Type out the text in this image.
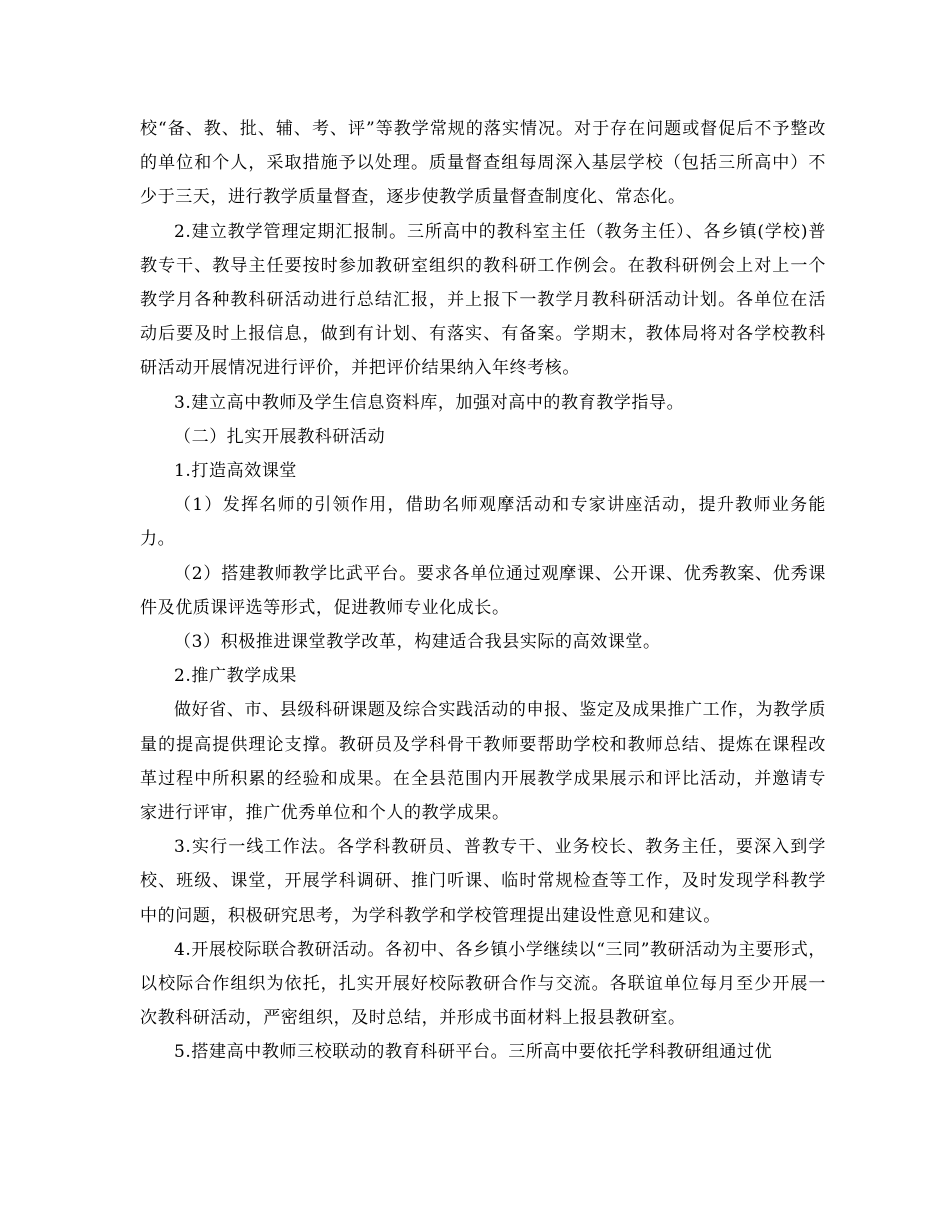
校“备、教、批、辅、考、评”等教学常规的落实情况。对于存在问题或督促后不予整改的单位和个人，采取措施予以处理。质量督查组每周深入基层学校（包括三所高中）不少于三天，进行教学质量督查，逐步使教学质量督查制度化、常态化。

2.建立教学管理定期汇报制。三所高中的教科室主任（教务主任）、各乡镇(学校)普教专干、教导主任要按时参加教研室组织的教科研工作例会。在教科研例会上对上一个教学月各种教科研活动进行总结汇报，并上报下一教学月教科研活动计划。各单位在活动后要及时上报信息，做到有计划、有落实、有备案。学期末，教体局将对各学校教科研活动开展情况进行评价，并把评价结果纳入年终考核。

3.建立高中教师及学生信息资料库，加强对高中的教育教学指导。

（二）扎实开展教科研活动

1.打造高效课堂

（1）发挥名师的引领作用，借助名师观摩活动和专家讲座活动，提升教师业务能力。

（2）搭建教师教学比武平台。要求各单位通过观摩课、公开课、优秀教案、优秀课件及优质课评选等形式，促进教师专业化成长。

（3）积极推进课堂教学改革，构建适合我县实际的高效课堂。

2.推广教学成果

做好省、市、县级科研课题及综合实践活动的申报、鉴定及成果推广工作，为教学质量的提高提供理论支撑。教研员及学科骨干教师要帮助学校和教师总结、提炼在课程改革过程中所积累的经验和成果。在全县范围内开展教学成果展示和评比活动，并邀请专家进行评审，推广优秀单位和个人的教学成果。

3.实行一线工作法。各学科教研员、普教专干、业务校长、教务主任，要深入到学校、班级、课堂，开展学科调研、推门听课、临时常规检查等工作，及时发现学科教学中的问题，积极研究思考，为学科教学和学校管理提出建设性意见和建议。

4.开展校际联合教研活动。各初中、各乡镇小学继续以“三同”教研活动为主要形式，以校际合作组织为依托，扎实开展好校际教研合作与交流。各联谊单位每月至少开展一次教科研活动，严密组织，及时总结，并形成书面材料上报县教研室。

5.搭建高中教师三校联动的教育科研平台。三所高中要依托学科教研组通过优
